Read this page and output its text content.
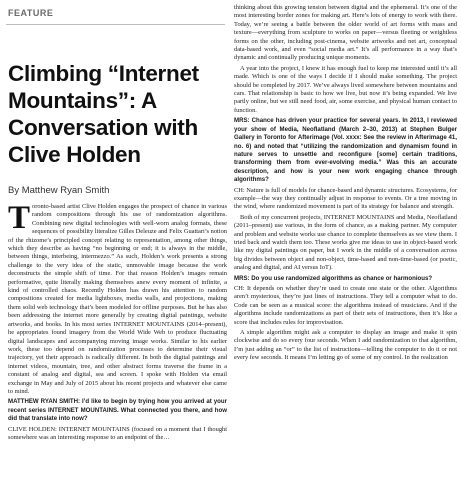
FEATURE
Climbing “Internet Mountains”: A Conversation with Clive Holden
By Matthew Ryan Smith

Toronto-based artist Clive Holden engages the prospect of chance in various random compositions through his use of randomization algorithms. Combining new digital technologies with well-worn analog formats, these sequences of possibility literalize Gilles Deleuze and Felix Guattari’s notion of the rhizome’s principled concept relating to representation, among other things, which they describe as having “no beginning or end; it is always in the middle, between things, interbeing, intermezzo.” As such, Holden’s work presents a strong challenge to the very idea of the static, unmovable image because the work deconstructs the simple shift of time. For that reason Holden’s images remain performative, quite literally making themselves anew every moment of infinite, a kind of controlled chaos. Recently Holden has drawn his attention to random compositions created for media lightboxes, media walls, and projections, making them solid web technology that’s been modeled for offline purposes. But he has also been addressing the internet more generally by creating digital paintings, website artworks, and books. In his most series INTERNET MOUNTAINS (2014–present), he appropriates found imagery from the World Wide Web to produce fluctuating digital landscapes and accompanying moving image works. Similar to his earlier work, these too depend on randomization processes to determine their visual trajectory, yet their approach is radically different. In both the digital paintings and internet videos, mountain, tree, and other abstract forms traverse the frame in a constant of analog and digital, sea and screen. I spoke with Holden via email exchange in May and July of 2015 about his recent projects and whatever else came to mind.

MATTHEW RYAN SMITH: I’d like to begin by trying how you arrived at your recent series INTERNET MOUNTAINS. What connected you there, and how did that translate into now?

CLIVE HOLDEN: INTERNET MOUNTAINS (focused on a moment that I thought somewhere was an interesting response to an endpoint of the…

thinking about this growing tension between digital and the ephemeral. It’s one of the most interesting border zones for making art. Here’s lots of energy to work with there. Today, we’re seeing a battle between the older world of art forms with mass and texture—everything from sculpture to works on paper—versus fleeting or weightless forms on the other, including post-cinema, website artworks and net art, conceptual data-based work, and even “social media art.” It’s all performance in a way that’s dynamic and continually producing unique moments.

A year into the project, I knew it has enough fuel to keep me interested until it’s all made. Which is one of the ways I decide if I should make something. The project should be completed by 2017. We’ve always lived somewhere between mountains and cars. That relationship is basic to how we live, but now it’s being expanded. We live partly online, but we still need food, air, some exercise, and physical human contact to function.

MRS: Chance has driven your practice for several years. In 2013, I reviewed your show of Media, Neoflatland (March 2–30, 2013) at Stephen Bulger Gallery in Toronto for Afterimage (Vol. xxxx: See the review in Afterimage 41, no. 6) and noted that “utilizing the randomization and dynamism found in nature serves to unsettle and reconfigure [some] certain traditions, transforming them from ever-evolving media.” Was this an accurate description, and how is your new work engaging chance through algorithms?

CH: Nature is full of models for chance-based and dynamic structures. Ecosystems, for example—the way they continually adjust in response to events. Or a tree moving in the wind, where randomized movement is part of its strategy for balance and strength.

Both of my concurrent projects, INTERNET MOUNTAINS and Media, Neoflatland (2011–present) use various, in the form of chance, as a making partner. My computer and problem and website works use chance to complete themselves as we view them. I tried back and watch them too. These works give me ideas to use in object-based work like my digital paintings on paper, but I work in the middle of a conversation across big divides between object and non-object, time-based and non-time-based (or poetic, analog and digital, and AI versus IoT).

MRS: Do you use randomized algorithms as chance or harmonious?

CH: It depends on whether they’re used to create one state or the other. Algorithms aren’t mysterious, they’re just lines of instructions. They tell a computer what to do. Code can be seen as a musical score: the algorithms instead of musicians. And if the algorithms include randomizations as part of their sets of instructions, then it’s like a score that includes rules for improvisation.

A simple algorithm might ask a computer to display an image and make it spin clockwise and do so every four seconds. When I add randomization to that algorithm, I’m just adding an “or” to the list of instructions—telling the computer to do it or not every few seconds. It means I’m letting go of some of my control. In the realization
